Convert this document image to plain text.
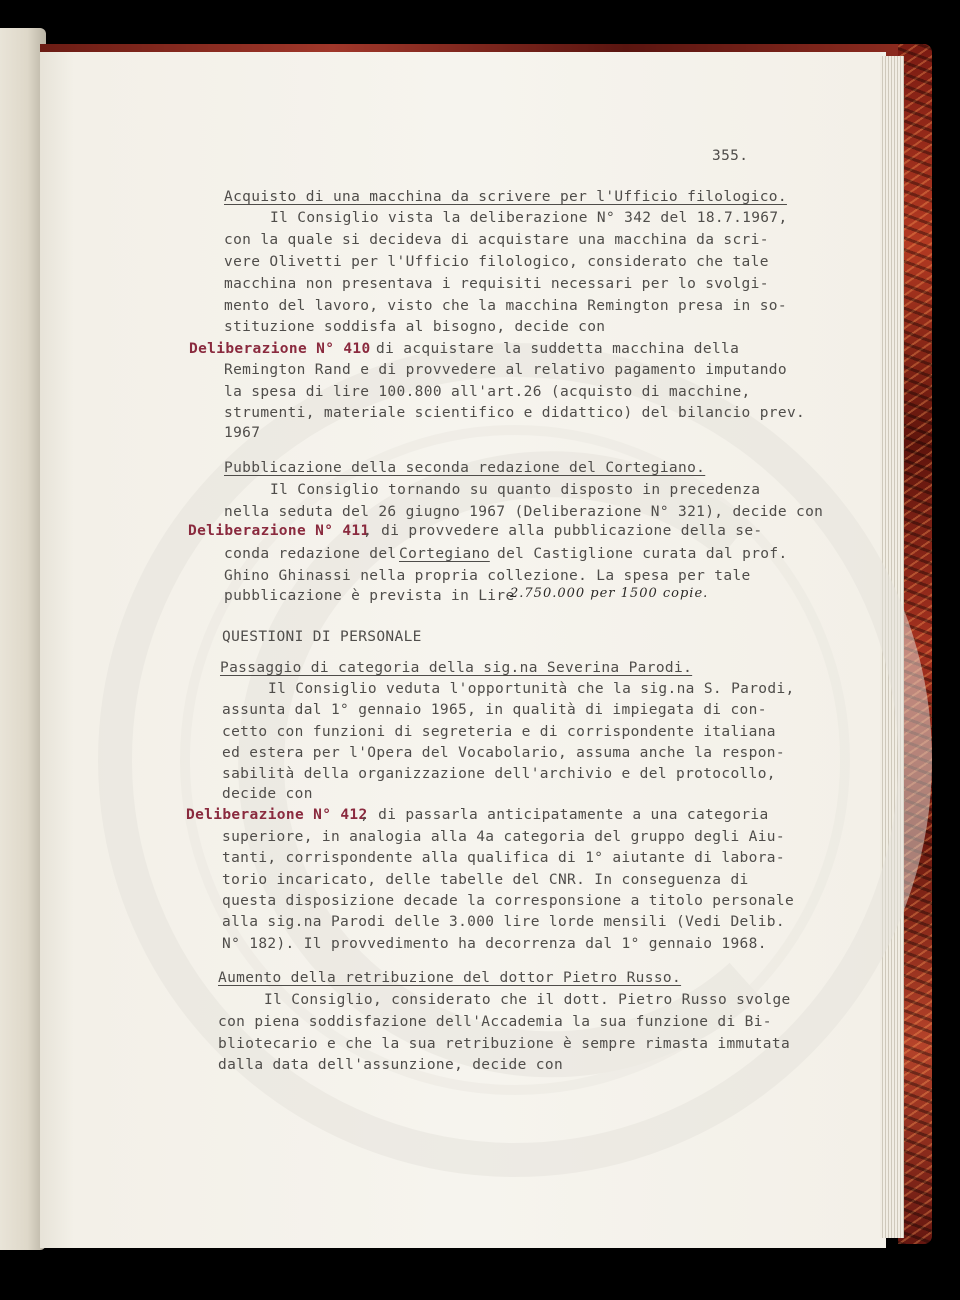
355.
Acquisto di una macchina da scrivere per l'Ufficio filologico.
Il Consiglio vista la deliberazione N° 342 del 18.7.1967,
con la quale si decideva di acquistare una macchina da scri-
vere Olivetti per l'Ufficio filologico, considerato che tale
macchina non presentava i requisiti necessari per lo svolgi-
mento del lavoro, visto che la macchina Remington presa in so-
stituzione soddisfa al bisogno, decide con
Deliberazione N° 410 di acquistare la suddetta macchina della
Remington Rand e di provvedere al relativo pagamento imputando
la spesa di lire 100.800 all'art.26 (acquisto di macchine,
strumenti, materiale scientifico e didattico) del bilancio prev.
1967
Pubblicazione della seconda redazione del Cortegiano.
Il Consiglio tornando su quanto disposto in precedenza
nella seduta del 26 giugno 1967 (Deliberazione N° 321), decide con
Deliberazione N° 411
, di provvedere alla pubblicazione della se-
conda redazione del Cortegiano del Castiglione curata dal prof.
Ghino Ghinassi nella propria collezione. La spesa per tale
pubblicazione è prevista in Lire
2.750.000 per 1500 copie.
QUESTIONI DI PERSONALE
Passaggio di categoria della sig.na Severina Parodi.
Il Consiglio veduta l'opportunità che la sig.na S. Parodi,
assunta dal 1° gennaio 1965, in qualità di impiegata di con-
cetto con funzioni di segreteria e di corrispondente italiana
ed estera per l'Opera del Vocabolario, assuma anche la respon-
sabilità della organizzazione dell'archivio e del protocollo,
decide con
Deliberazione N° 412
, di passarla anticipatamente a una categoria
superiore, in analogia alla 4a categoria del gruppo degli Aiu-
tanti, corrispondente alla qualifica di 1° aiutante di labora-
torio incaricato, delle tabelle del CNR. In conseguenza di
questa disposizione decade la corresponsione a titolo personale
alla sig.na Parodi delle 3.000 lire lorde mensili (Vedi Delib.
N° 182). Il provvedimento ha decorrenza dal 1° gennaio 1968.
Aumento della retribuzione del dottor Pietro Russo.
Il Consiglio, considerato che il dott. Pietro Russo svolge
con piena soddisfazione dell'Accademia la sua funzione di Bi-
bliotecario e che la sua retribuzione è sempre rimasta immutata
dalla data dell'assunzione, decide con
